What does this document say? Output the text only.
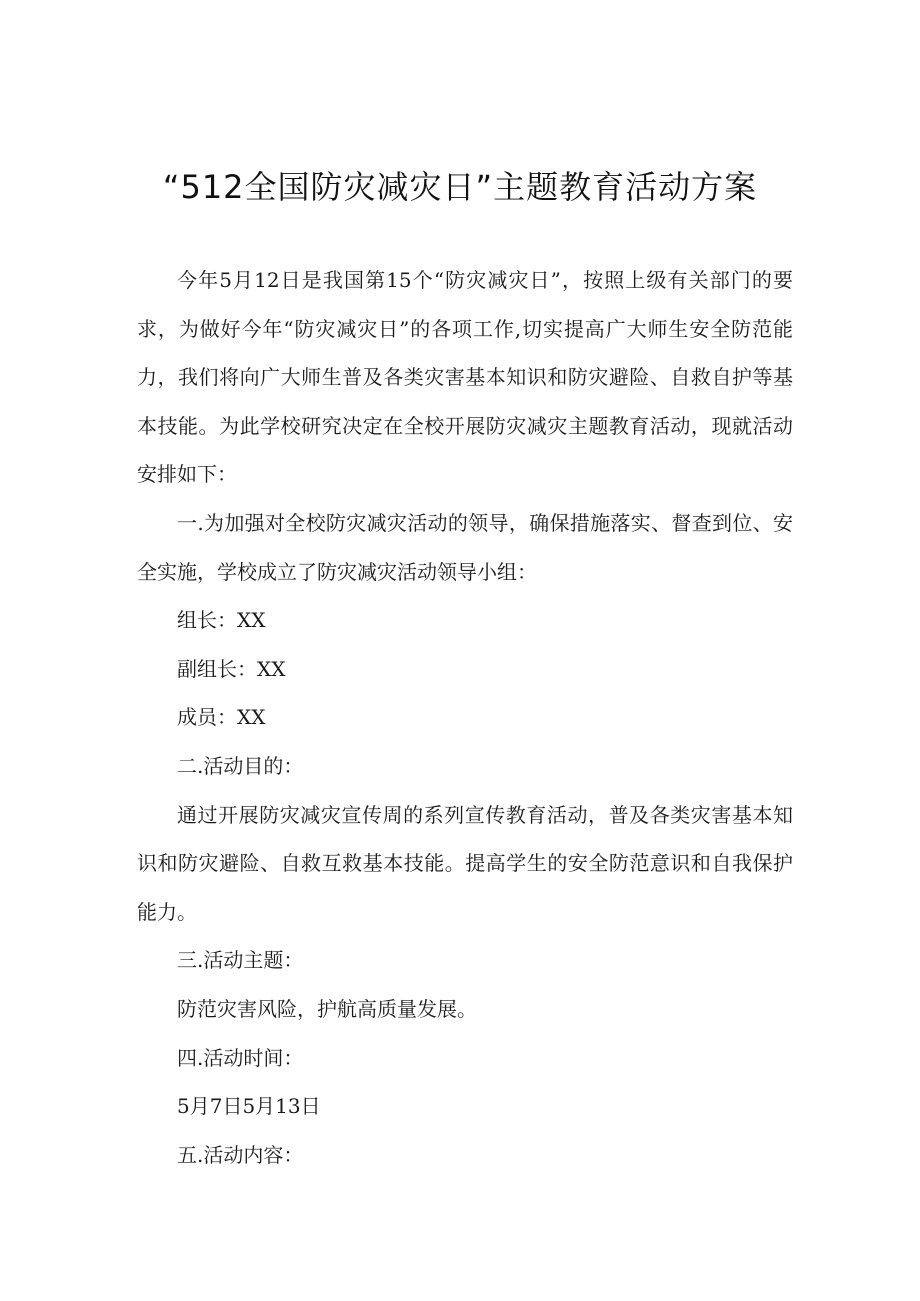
“512全国防灾减灾日”主题教育活动方案

今年5月12日是我国第15个“防灾减灾日”，按照上级有关部门的要求，为做好今年“防灾减灾日”的各项工作,切实提高广大师生安全防范能力，我们将向广大师生普及各类灾害基本知识和防灾避险、自救自护等基本技能。为此学校研究决定在全校开展防灾减灾主题教育活动，现就活动安排如下：

一.为加强对全校防灾减灾活动的领导，确保措施落实、督查到位、安全实施，学校成立了防灾减灾活动领导小组：

组长：XX

副组长：XX

成员：XX

二.活动目的：

通过开展防灾减灾宣传周的系列宣传教育活动，普及各类灾害基本知识和防灾避险、自救互救基本技能。提高学生的安全防范意识和自我保护能力。

三.活动主题：

防范灾害风险，护航高质量发展。

四.活动时间：

5月7日5月13日

五.活动内容：
